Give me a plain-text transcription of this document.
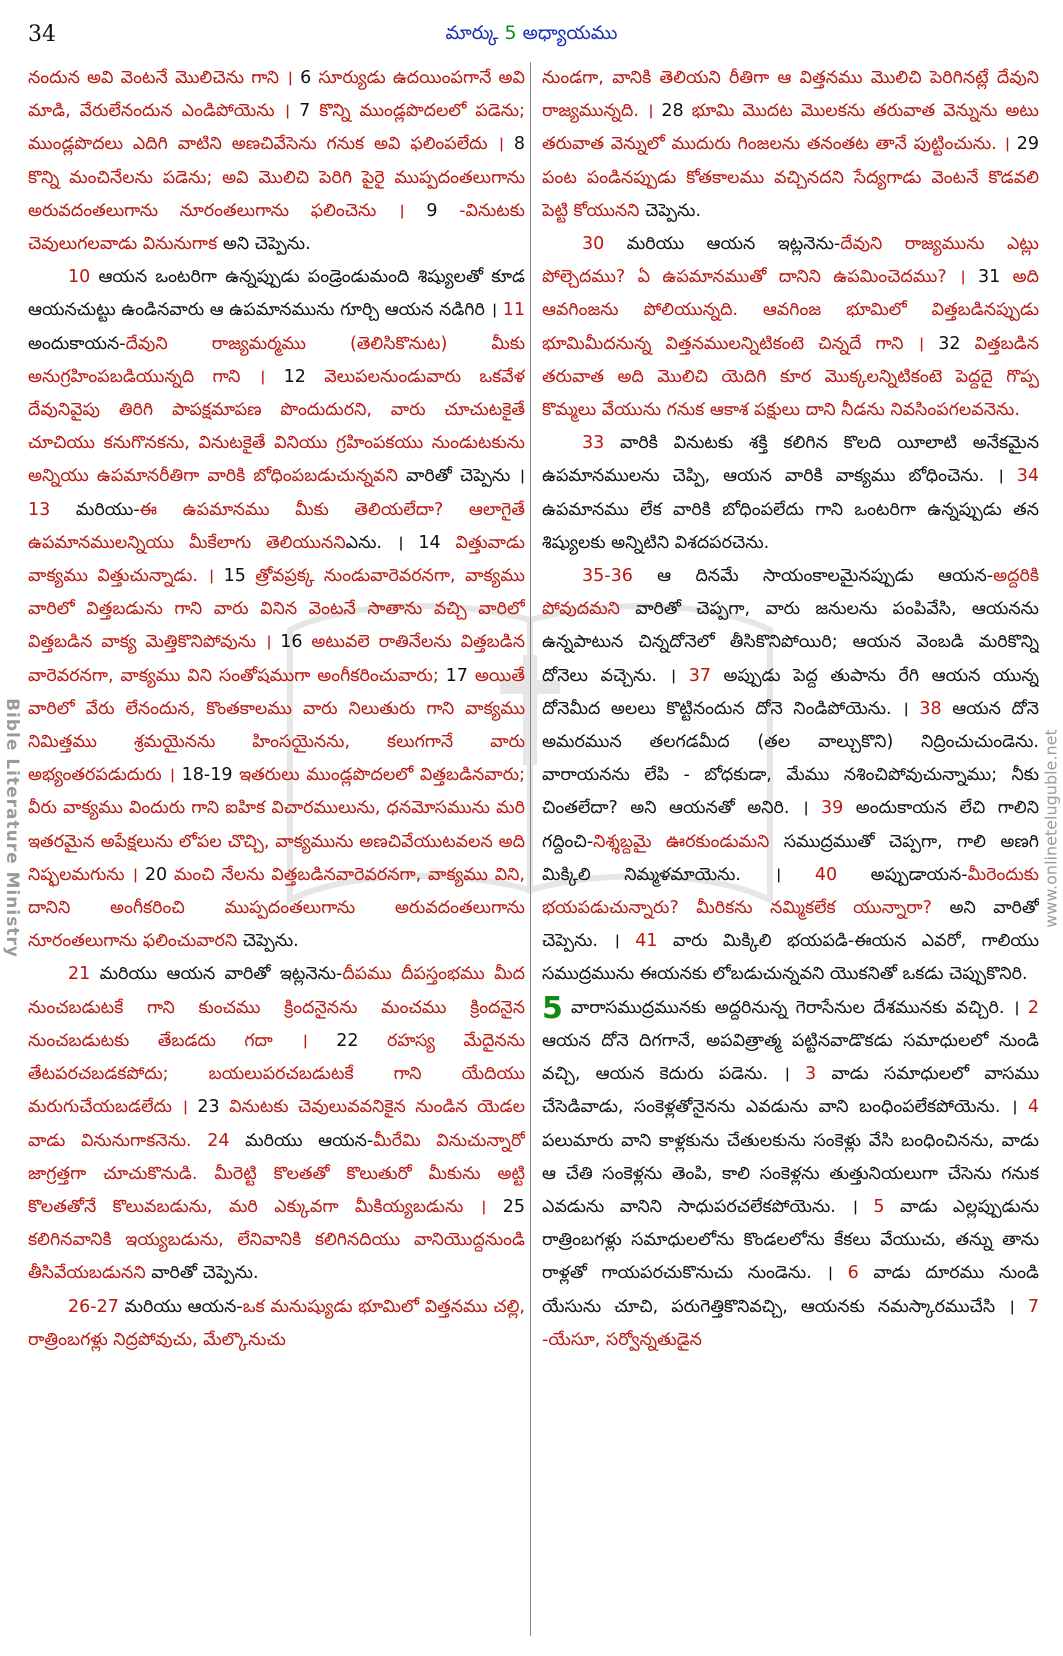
34	మార్కు 5 అధ్యాయము
Bible Literature Ministry	www.onlineteluguble.net

నందున అవి వెంటనే మొలిచెను గాని । 6 సూర్యుడు ఉదయింపగానే అవి మాడి, వేరులేనందున ఎండిపోయెను । 7 కొన్ని ముండ్లపొదలలో పడెను; ముండ్లపొదలు ఎదిగి వాటిని అణచివేసెను గనుక అవి ఫలింపలేదు । 8 కొన్ని మంచినేలను పడెను; అవి మొలిచి పెరిగి పైరై ముప్పదంతలుగాను అరువదంతలుగాను నూరంతలుగాను ఫలించెను । 9 -వినుటకు చెవులుగలవాడు వినునుగాక అని చెప్పెను.

10 ఆయన ఒంటరిగా ఉన్నప్పుడు పండ్రెండుమంది శిష్యులతో కూడ ఆయనచుట్టు ఉండినవారు ఆ ఉపమానమును గూర్చి ఆయన నడిగిరి । 11 అందుకాయన-దేవుని రాజ్యమర్మము (తెలిసికొనుట) మీకు అనుగ్రహింపబడియున్నది గాని । 12 వెలుపలనుండువారు ఒకవేళ దేవునివైపు తిరిగి పాపక్షమాపణ పొందుదురని, వారు చూచుటకైతే చూచియు కనుగొనకను, వినుటకైతే వినియు గ్రహింపకయు నుండుటకును అన్నియు ఉపమానరీతిగా వారికి బోధింపబడుచున్నవని వారితో చెప్పెను । 13 మరియు-ఈ ఉపమానము మీకు తెలియలేదా? ఆలాగైతే ఉపమానములన్నియు మీకేలాగు తెలియుననిఎను. । 14 విత్తువాడు వాక్యము విత్తుచున్నాడు. । 15 త్రోవప్రక్క నుండువారెవరనగా, వాక్యము వారిలో విత్తబడును గాని వారు వినిన వెంటనే సాతాను వచ్చి వారిలో విత్తబడిన వాక్య మెత్తికొనిపోవును । 16 అటువలె రాతినేలను విత్తబడిన వారెవరనగా, వాక్యము విని సంతోషముగా అంగీకరించువారు; 17 అయితే వారిలో వేరు లేనందున, కొంతకాలము వారు నిలుతురు గాని వాక్యము నిమిత్తము శ్రమయైనను హింసయైనను, కలుగగానే వారు అభ్యంతరపడుదురు । 18-19 ఇతరులు ముండ్లపొదలలో విత్తబడినవారు; వీరు వాక్యము విందురు గాని ఐహిక విచారములును, ధనమోసమును మరి ఇతరమైన అపేక్షలును లోపల చొచ్చి, వాక్యమును అణచివేయుటవలన అది నిష్ఫలమగును । 20 మంచి నేలను విత్తబడినవారెవరనగా, వాక్యము విని, దానిని అంగీకరించి ముప్పదంతలుగాను అరువదంతలుగాను నూరంతలుగాను ఫలించువారని చెప్పెను.

21 మరియు ఆయన వారితో ఇట్లనెను-దీపము దీపస్తంభము మీద నుంచబడుటకే గాని కుంచము క్రిందనైనను మంచము క్రిందనైన నుంచబడుటకు తేబడదు గదా । 22 రహస్య మేదైనను తేటపరచబడకపోదు; బయలుపరచబడుటకే గాని యేదియు మరుగుచేయబడలేదు । 23 వినుటకు చెవులువవనికైన నుండిన యెడల వాడు వినునుగాకనెను. 24 మరియు ఆయన-మీరేమి వినుచున్నారో జాగ్రత్తగా చూచుకొనుడి. మీరెట్టి కొలతతో కొలుతురో మీకును అట్టి కొలతతోనే కొలువబడును, మరి ఎక్కువగా మీకియ్యబడును । 25 కలిగినవానికి ఇయ్యబడును, లేనివానికి కలిగినదియు వానియొద్దనుండి తీసివేయబడునని వారితో చెప్పెను.

26-27 మరియు ఆయన-ఒక మనుష్యుడు భూమిలో విత్తనము చల్లి, రాత్రింబగళ్లు నిద్రపోవుచు, మేల్కొనుచు

నుండగా, వానికి తెలియని రీతిగా ఆ విత్తనము మొలిచి పెరిగినట్లే దేవుని రాజ్యమున్నది. । 28 భూమి మొదట మొలకను తరువాత వెన్నును అటు తరువాత వెన్నులో ముదురు గింజలను తనంతట తానే పుట్టించును. । 29 పంట పండినప్పుడు కోతకాలము వచ్చినదని సేద్యగాడు వెంటనే కొడవలి పెట్టి కోయునని చెప్పెను.

30 మరియు ఆయన ఇట్లనెను-దేవుని రాజ్యమును ఎట్లు పోల్చెదము? ఏ ఉపమానముతో దానిని ఉపమించెదము? । 31 అది ఆవగింజను పోలియున్నది. ఆవగింజ భూమిలో విత్తబడినప్పుడు భూమిమీదనున్న విత్తనములన్నిటికంటె చిన్నదే గాని । 32 విత్తబడిన తరువాత అది మొలిచి యెదిగి కూర మొక్కలన్నిటికంటె పెద్దదై గొప్ప కొమ్మలు వేయును గనుక ఆకాశ పక్షులు దాని నీడను నివసింపగలవనెను.

33 వారికి వినుటకు శక్తి కలిగిన కొలది యీలాటి అనేకమైన ఉపమానములను చెప్పి, ఆయన వారికి వాక్యము బోధించెను. । 34 ఉపమానము లేక వారికి బోధింపలేదు గాని ఒంటరిగా ఉన్నప్పుడు తన శిష్యులకు అన్నిటిని విశదపరచెను.

35-36 ఆ దినమే సాయంకాలమైనప్పుడు ఆయన-అద్దరికి పోవుదమని వారితో చెప్పగా, వారు జనులను పంపివేసి, ఆయనను ఉన్నపాటున చిన్నదోనెలో తీసికొనిపోయిరి; ఆయన వెంబడి మరికొన్ని దోనెలు వచ్చెను. । 37 అప్పుడు పెద్ద తుపాను రేగి ఆయన యున్న దోనెమీద అలలు కొట్టినందున దోనె నిండిపోయెను. । 38 ఆయన దోనె అమరమున తలగడమీద (తల వాల్చుకొని) నిద్రించుచుండెను. వారాయనను లేపి - బోధకుడా, మేము నశించిపోవుచున్నాము; నీకు చింతలేదా? అని ఆయనతో అనిరి. । 39 అందుకాయన లేచి గాలిని గద్దించి-నిశ్శబ్దమై ఊరకుండుమని సముద్రముతో చెప్పగా, గాలి అణగి మిక్కిలి నిమ్మళమాయెను. । 40 అప్పుడాయన-మీరెందుకు భయపడుచున్నారు? మీరికను నమ్మికలేక యున్నారా? అని వారితో చెప్పెను. । 41 వారు మిక్కిలి భయపడి-ఈయన ఎవరో, గాలియు సముద్రమును ఈయనకు లోబడుచున్నవని యొకనితో ఒకడు చెప్పుకొనిరి.

5 వారాసముద్రమునకు అద్దరినున్న గెరాసేనుల దేశమునకు వచ్చిరి. । 2 ఆయన దోనె దిగగానే, అపవిత్రాత్మ పట్టినవాడొకడు సమాధులలో నుండి వచ్చి, ఆయన కెదురు పడెను. । 3 వాడు సమాధులలో వాసము చేసెడివాడు, సంకెళ్లతోనైనను ఎవడును వాని బంధింపలేకపోయెను. । 4 పలుమారు వాని కాళ్లకును చేతులకును సంకెళ్లు వేసి బంధించినను, వాడు ఆ చేతి సంకెళ్లను తెంపి, కాలి సంకెళ్లను తుత్తునియలుగా చేసెను గనుక ఎవడును వానిని సాధుపరచలేకపోయెను. । 5 వాడు ఎల్లప్పుడును రాత్రింబగళ్లు సమాధులలోను కొండలలోను కేకలు వేయుచు, తన్ను తాను రాళ్లతో గాయపరచుకొనుచు నుండెను. । 6 వాడు దూరము నుండి యేసును చూచి, పరుగెత్తికొనివచ్చి, ఆయనకు నమస్కారముచేసి । 7 -యేసూ, సర్వోన్నతుడైన
